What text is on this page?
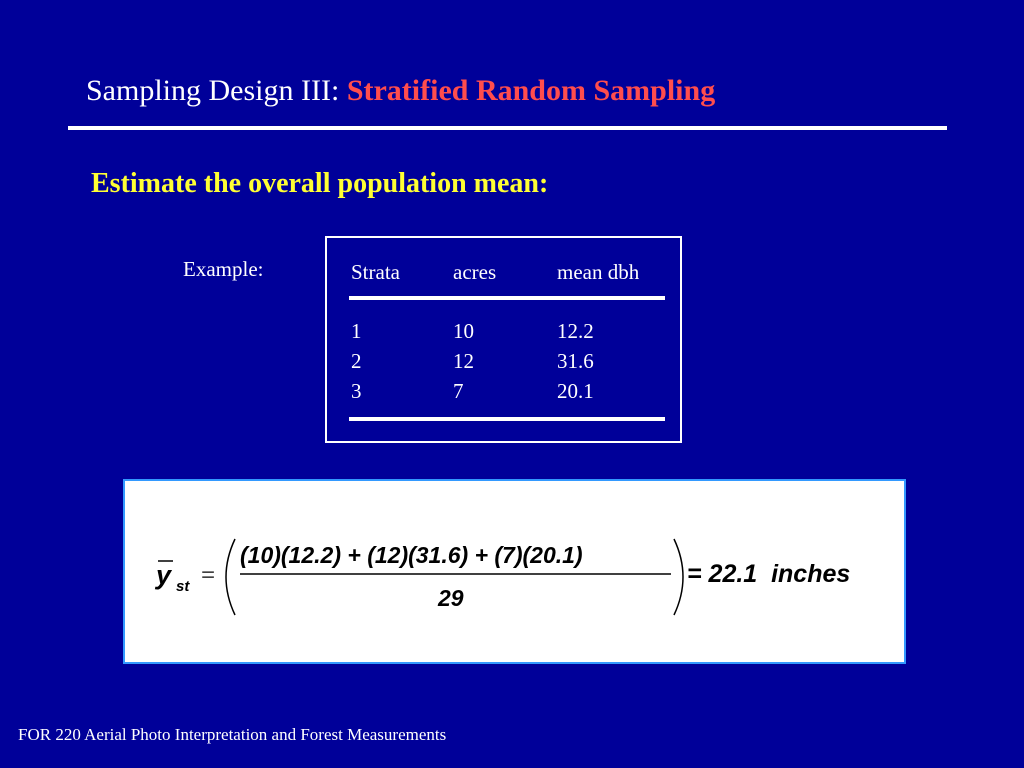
Sampling Design III: Stratified Random Sampling
Estimate the overall population mean:
Example:	Strata	acres	mean dbh
1	10	12.2
2	12	31.6
3	7	20.1
y st =
(10)(12.2) + (12)(31.6) + (7)(20.1)
29
= 22.1  inches
FOR 220 Aerial Photo Interpretation and Forest Measurements
